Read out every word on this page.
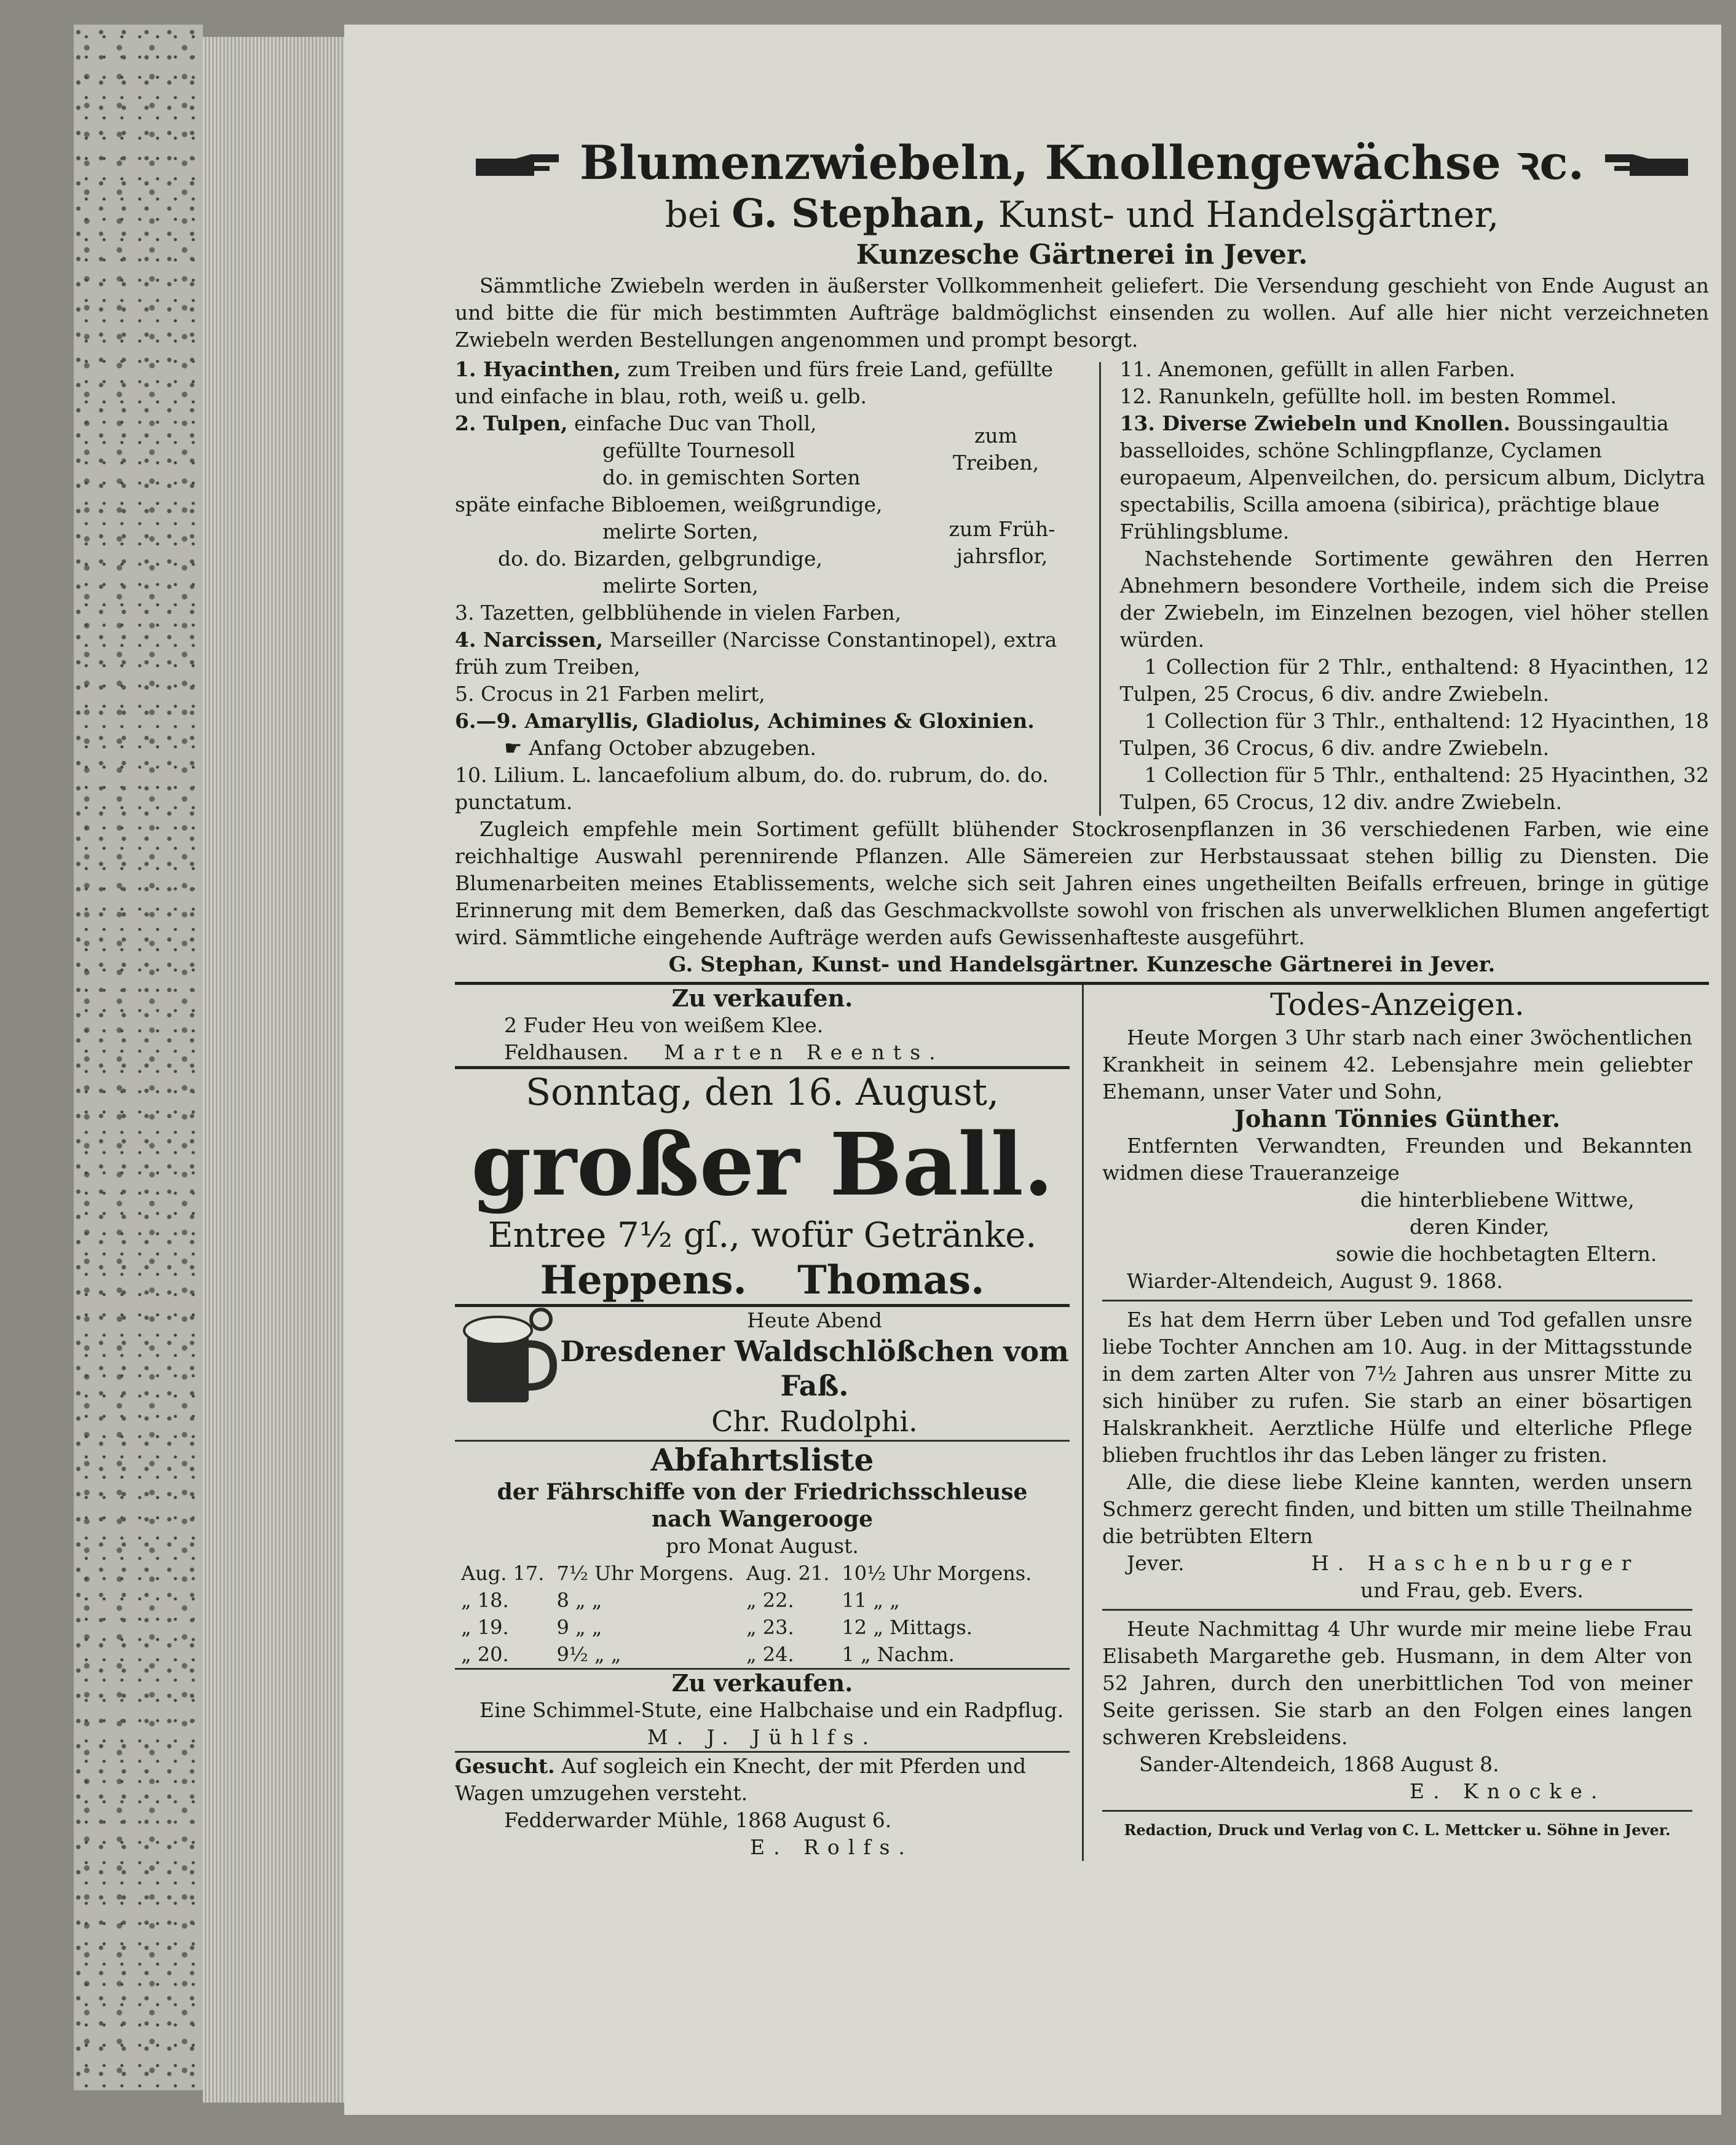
Blumenzwiebeln, Knollengewächse ꝛc.
bei G. Stephan, Kunst- und Handelsgärtner,
Kunzesche Gärtnerei in Jever.

Sämmtliche Zwiebeln werden in äußerster Vollkommenheit geliefert. Die Versendung geschieht von Ende August an und bitte die für mich bestimmten Aufträge baldmöglichst einsenden zu wollen. Auf alle hier nicht verzeichneten Zwiebeln werden Bestellungen angenommen und prompt besorgt.

1. Hyacinthen, zum Treiben und fürs freie Land, gefüllte und einfache in blau, roth, weiß u. gelb.
2. Tulpen, einfache Duc van Tholl,
gefüllte Tournesoll
do. in gemischten Sorten
zum Treiben,
späte einfache Bibloemen, weißgrundige,
melirte Sorten,
do. do. Bizarden, gelbgrundige,
melirte Sorten,
zum Früh-jahrsflor,
3. Tazetten, gelbblühende in vielen Farben,
4. Narcissen, Marseiller (Narcisse Constantinopel), extra früh zum Treiben,
5. Crocus in 21 Farben melirt,
6.—9. Amaryllis, Gladiolus, Achimines & Gloxinien.
☛ Anfang October abzugeben.
10. Lilium. L. lancaefolium album, do. do. rubrum, do. do. punctatum.
11. Anemonen, gefüllt in allen Farben.
12. Ranunkeln, gefüllte holl. im besten Rommel.
13. Diverse Zwiebeln und Knollen. Boussingaultia basselloides, schöne Schlingpflanze, Cyclamen europaeum, Alpenveilchen, do. persicum album, Diclytra spectabilis, Scilla amoena (sibirica), prächtige blaue Frühlingsblume.

Nachstehende Sortimente gewähren den Herren Abnehmern besondere Vortheile, indem sich die Preise der Zwiebeln, im Einzelnen bezogen, viel höher stellen würden.

1 Collection für 2 Thlr., enthaltend: 8 Hyacinthen, 12 Tulpen, 25 Crocus, 6 div. andre Zwiebeln.

1 Collection für 3 Thlr., enthaltend: 12 Hyacinthen, 18 Tulpen, 36 Crocus, 6 div. andre Zwiebeln.

1 Collection für 5 Thlr., enthaltend: 25 Hyacinthen, 32 Tulpen, 65 Crocus, 12 div. andre Zwiebeln.

Zugleich empfehle mein Sortiment gefüllt blühender Stockrosenpflanzen in 36 verschiedenen Farben, wie eine reichhaltige Auswahl perennirende Pflanzen. Alle Sämereien zur Herbstaussaat stehen billig zu Diensten. Die Blumenarbeiten meines Etablissements, welche sich seit Jahren eines ungetheilten Beifalls erfreuen, bringe in gütige Erinnerung mit dem Bemerken, daß das Geschmackvollste sowohl von frischen als unverwelklichen Blumen angefertigt wird. Sämmtliche eingehende Aufträge werden aufs Gewissenhafteste ausgeführt.

G. Stephan, Kunst- und Handelsgärtner. Kunzesche Gärtnerei in Jever.
Zu verkaufen.
2 Fuder Heu von weißem Klee.
Feldhausen.	Marten Reents.
Sonntag, den 16. August,
großer Ball.
Entree 7½ gſ., wofür Getränke.
Heppens. Thomas.
Heute Abend
Dresdener Waldschlößchen vom Faß.
Chr. Rudolphi.
Abfahrtsliste
der Fährschiffe von der Friedrichsschleuse
nach Wangerooge
pro Monat August.
Aug. 17.	7½ Uhr Morgens.	Aug. 21.	10½ Uhr Morgens.
„ 18.	8 „ „	„ 22.	11 „ „
„ 19.	9 „ „	„ 23.	12 „ Mittags.
„ 20.	9½ „ „	„ 24.	1 „ Nachm.
Zu verkaufen.

Eine Schimmel-Stute, eine Halbchaise und ein Radpflug.

M. J. Jühlfs.
Gesucht. Auf sogleich ein Knecht, der mit Pferden und Wagen umzugehen versteht.
Fedderwarder Mühle, 1868 August 6.
E. Rolfs.
Todes-Anzeigen.

Heute Morgen 3 Uhr starb nach einer 3wöchentlichen Krankheit in seinem 42. Lebensjahre mein geliebter Ehemann, unser Vater und Sohn,

Johann Tönnies Günther.

Entfernten Verwandten, Freunden und Bekannten widmen diese Traueranzeige

die hinterbliebene Wittwe,
deren Kinder,
sowie die hochbetagten Eltern.
Wiarder-Altendeich, August 9. 1868.

Es hat dem Herrn über Leben und Tod gefallen unsre liebe Tochter Annchen am 10. Aug. in der Mittagsstunde in dem zarten Alter von 7½ Jahren aus unsrer Mitte zu sich hinüber zu rufen. Sie starb an einer bösartigen Halskrankheit. Aerztliche Hülfe und elterliche Pflege blieben fruchtlos ihr das Leben länger zu fristen.

Alle, die diese liebe Kleine kannten, werden unsern Schmerz gerecht finden, und bitten um stille Theilnahme die betrübten Eltern

Jever.	H. Haschenburger
und Frau, geb. Evers.

Heute Nachmittag 4 Uhr wurde mir meine liebe Frau Elisabeth Margarethe geb. Husmann, in dem Alter von 52 Jahren, durch den unerbittlichen Tod von meiner Seite gerissen. Sie starb an den Folgen eines langen schweren Krebsleidens.

Sander-Altendeich, 1868 August 8.
E. Knocke.
Redaction, Druck und Verlag von C. L. Mettcker u. Söhne in Jever.
